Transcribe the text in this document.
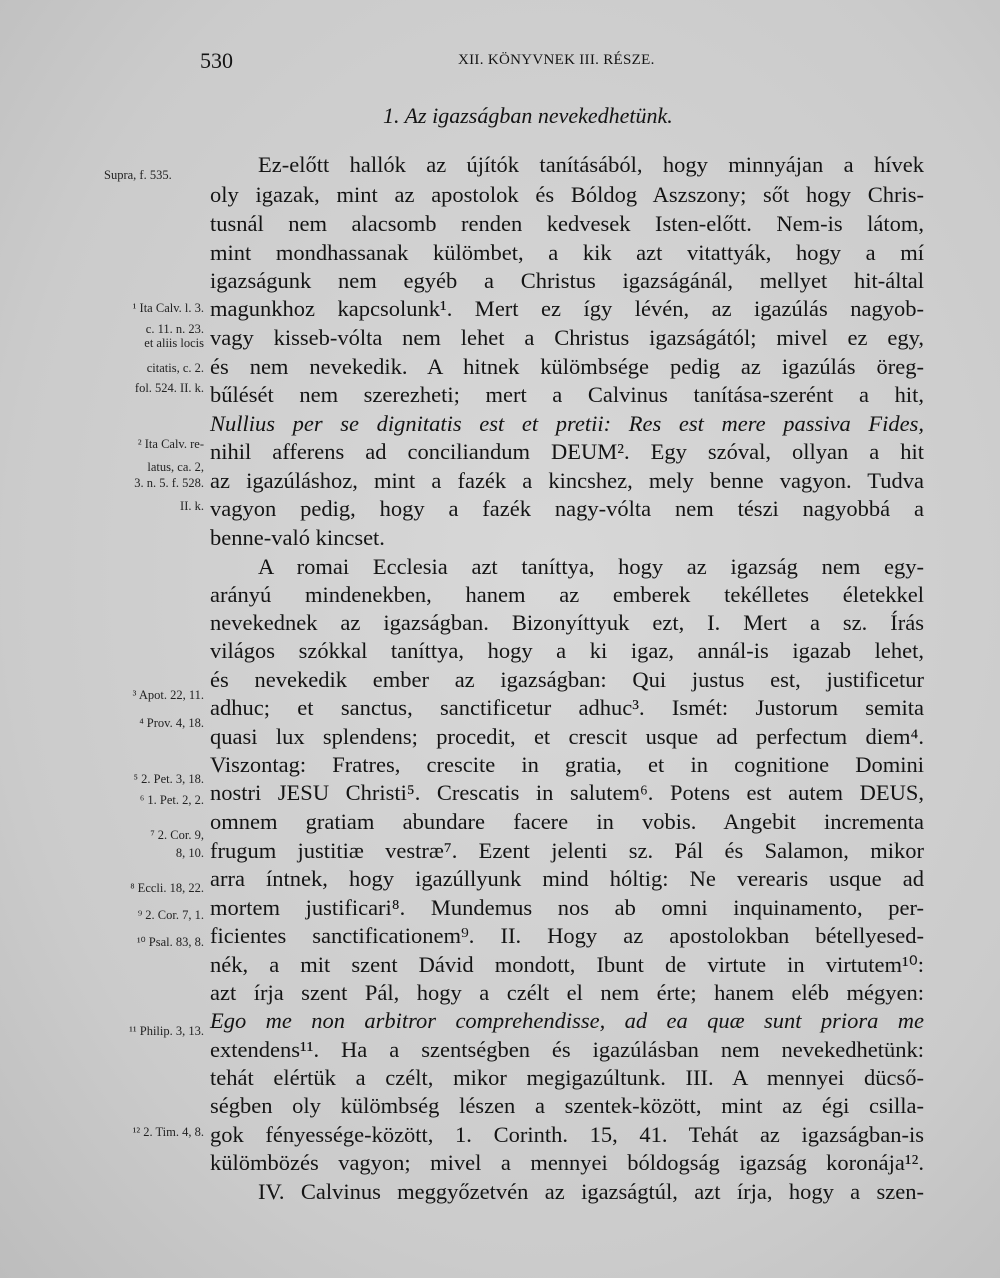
530	XII. KÖNYVNEK III. RÉSZE.
1. Az igazságban nevekedhetünk.
Ez-előtt hallók az újítók tanításából, hogy minnyájan a hívek
oly igazak, mint az apostolok és Bóldog Aszszony; sőt hogy Chris-
tusnál nem alacsomb renden kedvesek Isten-előtt. Nem-is látom,
mint mondhassanak külömbet, a kik azt vitattyák, hogy a mí
igazságunk nem egyéb a Christus igazságánál, mellyet hit-által
magunkhoz kapcsolunk¹. Mert ez így lévén, az igazúlás nagyob-
vagy kisseb-vólta nem lehet a Christus igazságától; mivel ez egy,
és nem nevekedik. A hitnek külömbsége pedig az igazúlás öreg-
bűlését nem szerezheti; mert a Calvinus tanítása-szerént a hit,
Nullius per se dignitatis est et pretii: Res est mere passiva Fides,
nihil afferens ad conciliandum DEUM². Egy szóval, ollyan a hit
az igazúláshoz, mint a fazék a kincshez, mely benne vagyon. Tudva
vagyon pedig, hogy a fazék nagy-vólta nem tészi nagyobbá a
benne-való kincset.
A romai Ecclesia azt taníttya, hogy az igazság nem egy-
arányú mindenekben, hanem az emberek tekélletes életekkel
nevekednek az igazságban. Bizonyíttyuk ezt, I. Mert a sz. Írás
világos szókkal taníttya, hogy a ki igaz, annál-is igazab lehet,
és nevekedik ember az igazságban: Qui justus est, justificetur
adhuc; et sanctus, sanctificetur adhuc³. Ismét: Justorum semita
quasi lux splendens; procedit, et crescit usque ad perfectum diem⁴.
Viszontag: Fratres, crescite in gratia, et in cognitione Domini
nostri JESU Christi⁵. Crescatis in salutem⁶. Potens est autem DEUS,
omnem gratiam abundare facere in vobis. Angebit incrementa
frugum justitiæ vestræ⁷. Ezent jelenti sz. Pál és Salamon, mikor
arra íntnek, hogy igazúllyunk mind hóltig: Ne verearis usque ad
mortem justificari⁸. Mundemus nos ab omni inquinamento, per-
ficientes sanctificationem⁹. II. Hogy az apostolokban bétellyesed-
nék, a mit szent Dávid mondott, Ibunt de virtute in virtutem¹⁰:
azt írja szent Pál, hogy a czélt el nem érte; hanem eléb mégyen:
Ego me non arbitror comprehendisse, ad ea quæ sunt priora me
extendens¹¹. Ha a szentségben és igazúlásban nem nevekedhetünk:
tehát elértük a czélt, mikor megigazúltunk. III. A mennyei dücső-
ségben oly külömbség lészen a szentek-között, mint az égi csilla-
gok fényessége-között, 1. Corinth. 15, 41. Tehát az igazságban-is
külömbözés vagyon; mivel a mennyei bóldogság igazság koronája¹².
IV. Calvinus meggyőzetvén az igazságtúl, azt írja, hogy a szen-
Supra, f. 535.
¹ Ita Calv. l. 3.
c. 11. n. 23.
et aliis locis
citatis, c. 2.
fol. 524. II. k.
² Ita Calv. re-
latus, ca. 2,
3. n. 5. f. 528.
II. k.
³ Apot. 22, 11.
⁴ Prov. 4, 18.
⁵ 2. Pet. 3, 18.
⁶ 1. Pet. 2, 2.
⁷ 2. Cor. 9,
8, 10.
⁸ Eccli. 18, 22.
⁹ 2. Cor. 7, 1.
¹⁰ Psal. 83, 8.
¹¹ Philip. 3, 13.
¹² 2. Tim. 4, 8.
